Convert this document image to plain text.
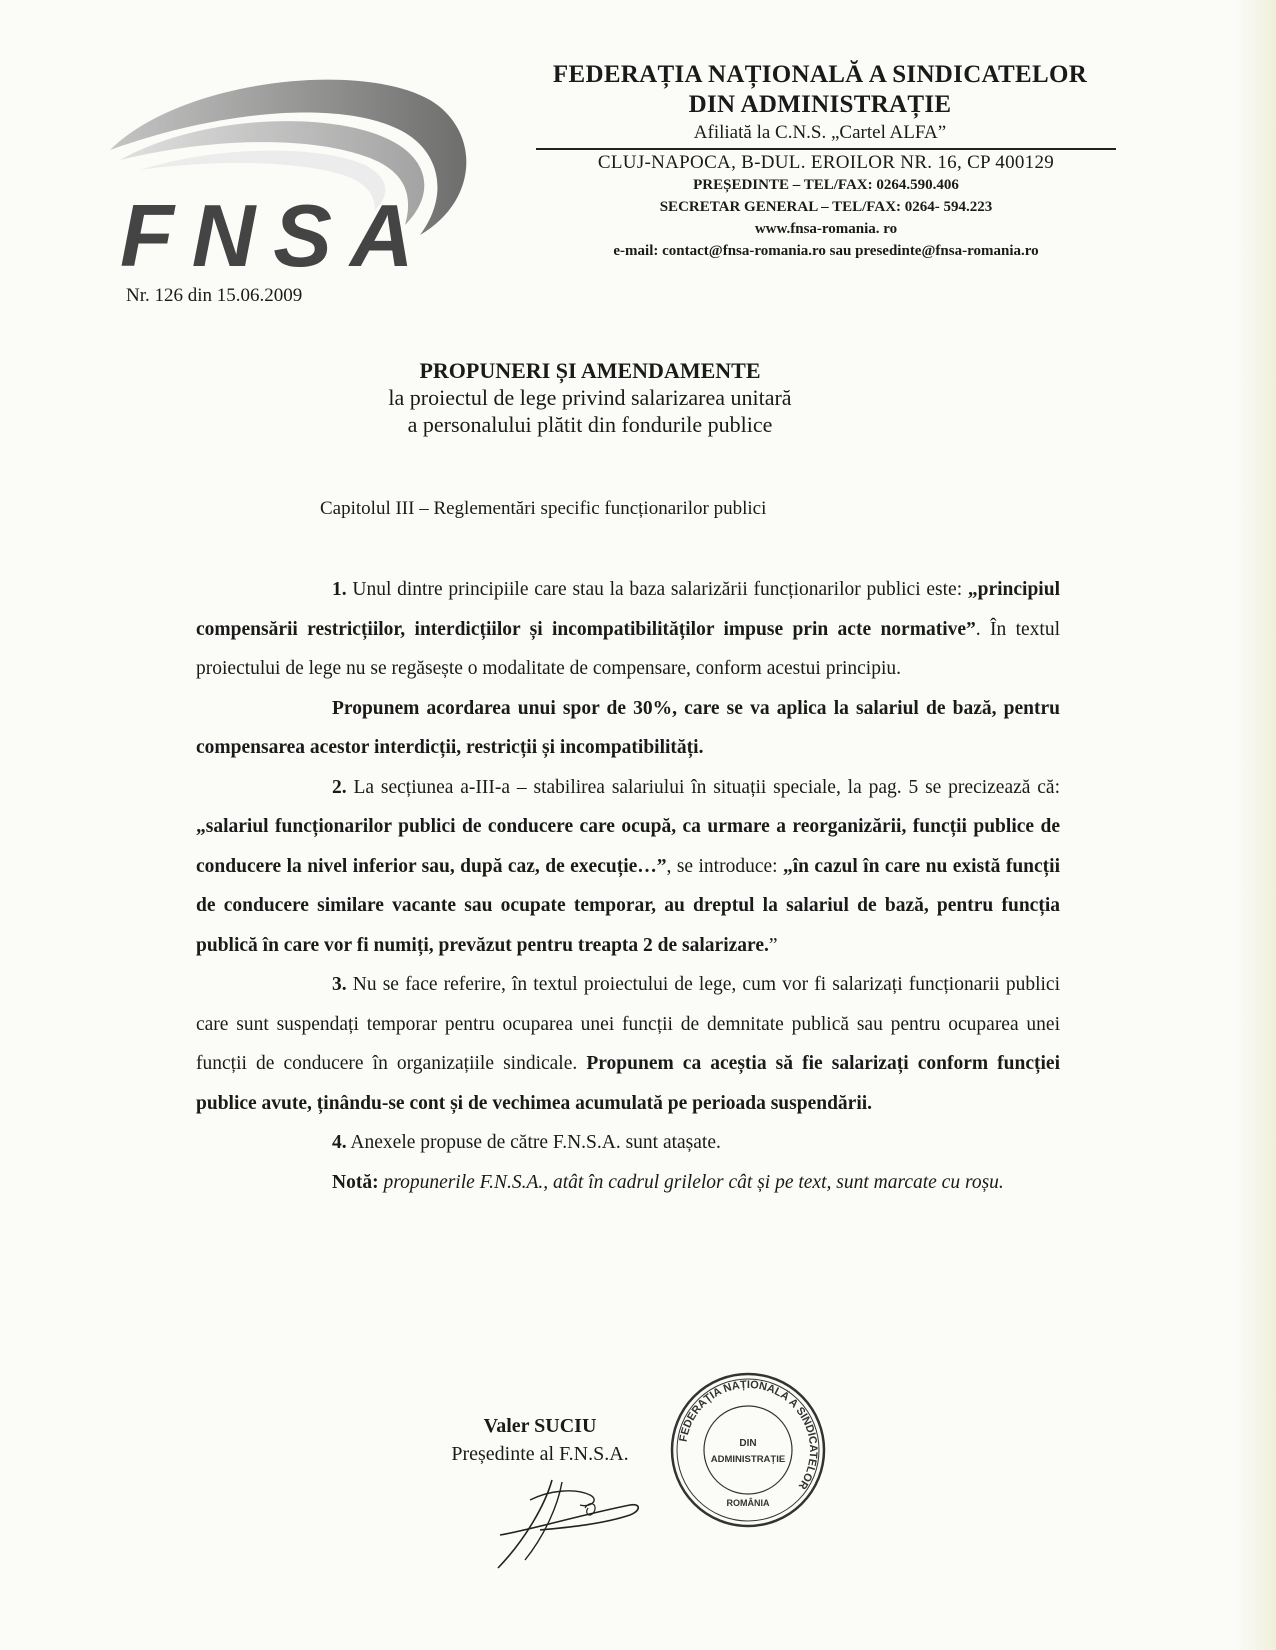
FNSA
Nr. 126 din 15.06.2009
FEDERAȚIA NAȚIONALĂ A SINDICATELOR
DIN ADMINISTRAȚIE
Afiliată la C.N.S. „Cartel ALFA”
CLUJ-NAPOCA, B-DUL. EROILOR NR. 16, CP 400129
PREȘEDINTE – TEL/FAX: 0264.590.406
SECRETAR GENERAL – TEL/FAX: 0264- 594.223
www.fnsa-romania. ro
e-mail: contact@fnsa-romania.ro sau presedinte@fnsa-romania.ro
PROPUNERI ȘI AMENDAMENTE
la proiectul de lege privind salarizarea unitară
a personalului plătit din fondurile publice
Capitolul III – Reglementări specific funcționarilor publici

1. Unul dintre principiile care stau la baza salarizării funcționarilor publici este: „principiul compensării restricțiilor, interdicțiilor și incompatibilităților impuse prin acte normative”. În textul proiectului de lege nu se regăsește o modalitate de compensare, conform acestui principiu.

Propunem acordarea unui spor de 30%, care se va aplica la salariul de bază, pentru compensarea acestor interdicții, restricții și incompatibilități.

2. La secțiunea a-III-a – stabilirea salariului în situații speciale, la pag. 5 se precizează că: „salariul funcționarilor publici de conducere care ocupă, ca urmare a reorganizării, funcții publice de conducere la nivel inferior sau, după caz, de execuție…”, se introduce: „în cazul în care nu există funcții de conducere similare vacante sau ocupate temporar, au dreptul la salariul de bază, pentru funcția publică în care vor fi numiți, prevăzut pentru treapta 2 de salarizare.”

3. Nu se face referire, în textul proiectului de lege, cum vor fi salarizați funcționarii publici care sunt suspendați temporar pentru ocuparea unei funcții de demnitate publică sau pentru ocuparea unei funcții de conducere în organizațiile sindicale. Propunem ca aceștia să fie salarizați conform funcției publice avute, ținându-se cont și de vechimea acumulată pe perioada suspendării.

4. Anexele propuse de către F.N.S.A. sunt atașate.

Notă: propunerile F.N.S.A., atât în cadrul grilelor cât și pe text, sunt marcate cu roșu.

Valer SUCIU
Președinte al F.N.S.A.
FEDERAȚIA NAȚIONALĂ A SINDICATELOR
DIN
ADMINISTRAȚIE
ROMÂNIA
